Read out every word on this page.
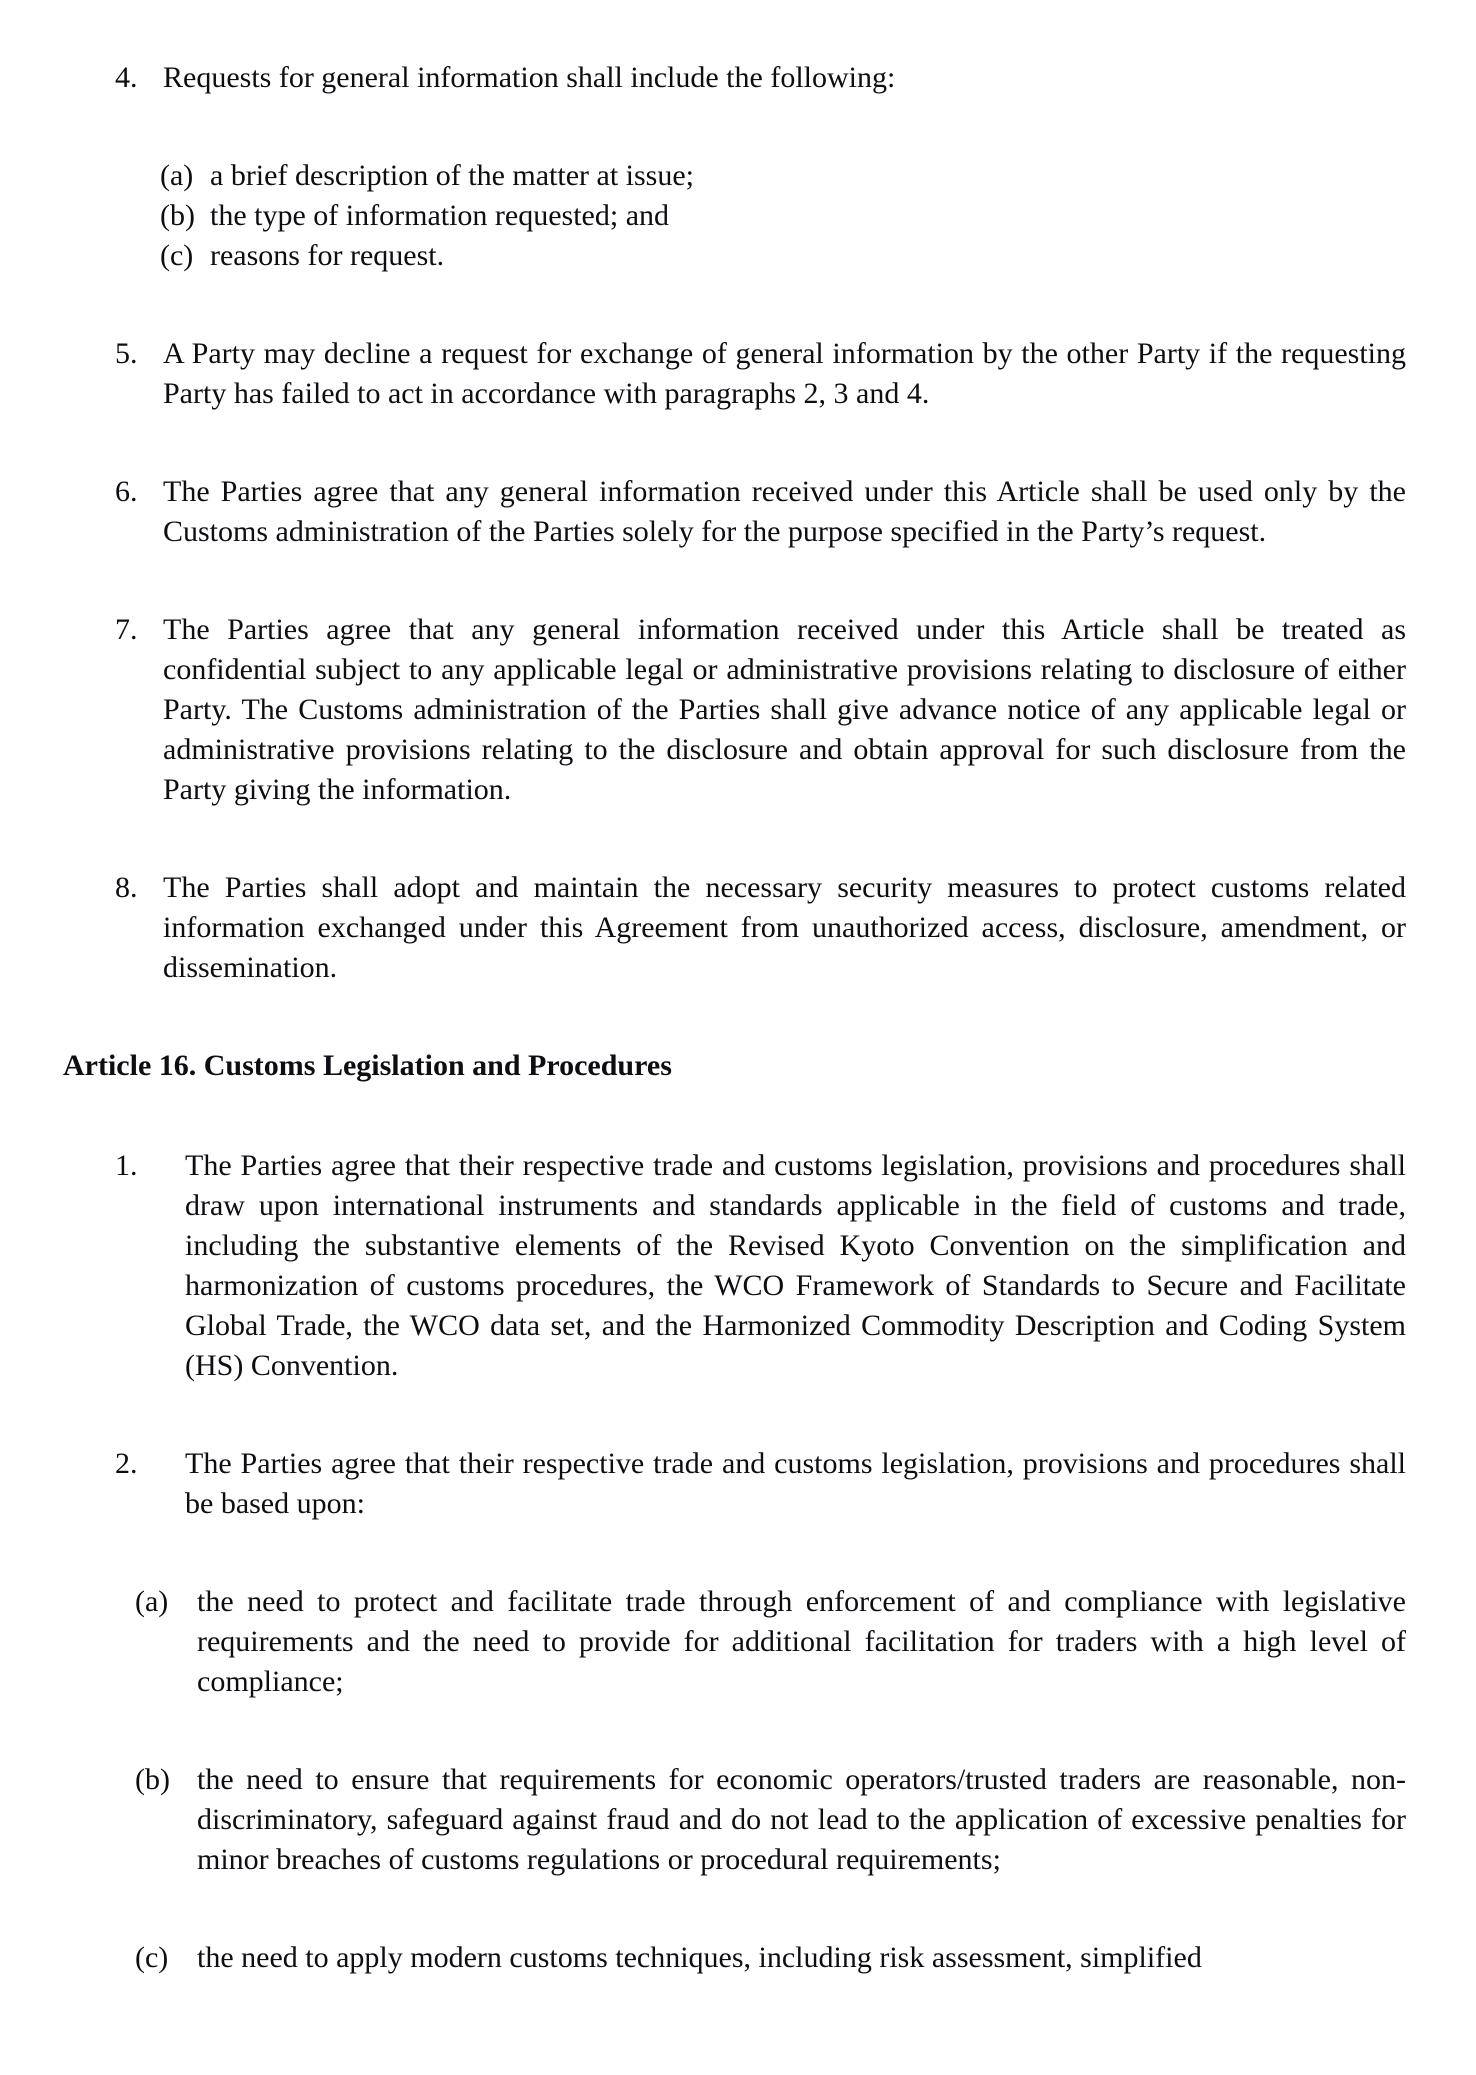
4. Requests for general information shall include the following:
(a) a brief description of the matter at issue;
(b) the type of information requested; and
(c) reasons for request.
5. A Party may decline a request for exchange of general information by the other Party if the requesting Party has failed to act in accordance with paragraphs 2, 3 and 4.
6. The Parties agree that any general information received under this Article shall be used only by the Customs administration of the Parties solely for the purpose specified in the Party’s request.
7. The Parties agree that any general information received under this Article shall be treated as confidential subject to any applicable legal or administrative provisions relating to disclosure of either Party. The Customs administration of the Parties shall give advance notice of any applicable legal or administrative provisions relating to the disclosure and obtain approval for such disclosure from the Party giving the information.
8. The Parties shall adopt and maintain the necessary security measures to protect customs related information exchanged under this Agreement from unauthorized access, disclosure, amendment, or dissemination.
Article 16. Customs Legislation and Procedures
1.	The Parties agree that their respective trade and customs legislation, provisions and procedures shall draw upon international instruments and standards applicable in the field of customs and trade, including the substantive elements of the Revised Kyoto Convention on the simplification and harmonization of customs procedures, the WCO Framework of Standards to Secure and Facilitate Global Trade, the WCO data set, and the Harmonized Commodity Description and Coding System (HS) Convention.
2.	The Parties agree that their respective trade and customs legislation, provisions and procedures shall be based upon:
(a) the need to protect and facilitate trade through enforcement of and compliance with legislative requirements and the need to provide for additional facilitation for traders with a high level of compliance;
(b) the need to ensure that requirements for economic operators/trusted traders are reasonable, non-discriminatory, safeguard against fraud and do not lead to the application of excessive penalties for minor breaches of customs regulations or procedural requirements;
(c) the need to apply modern customs techniques, including risk assessment, simplified
